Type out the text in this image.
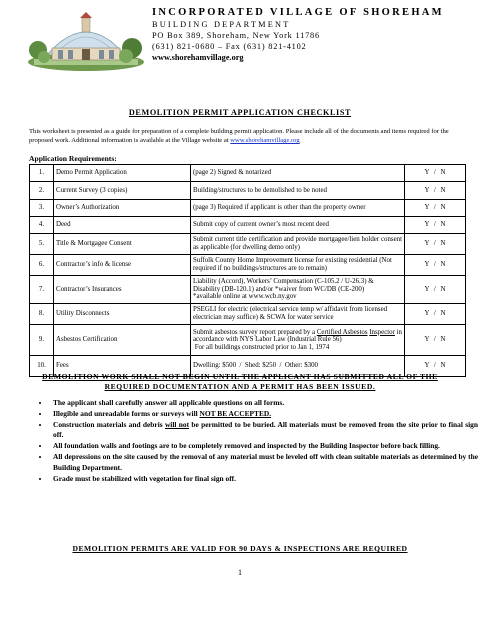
INCORPORATED VILLAGE OF SHOREHAM
BUILDING DEPARTMENT
PO Box 389, Shoreham, New York 11786
(631) 821-0680 – Fax (631) 821-4102
www.shorehamvillage.org
DEMOLITION PERMIT APPLICATION CHECKLIST
This worksheet is presented as a guide for preparation of a complete building permit application. Please include all of the documents and items required for the proposed work. Additional information is available at the Village website at www.shorehamvillage.org
Application Requirements:
1.	Demo Permit Application	(page 2) Signed & notarized	Y / N
2.	Current Survey (3 copies)	Building/structures to be demolished to be noted	Y / N
3.	Owner’s Authorization	(page 3) Required if applicant is other than the property owner	Y / N
4.	Deed	Submit copy of current owner’s most recent deed	Y / N
5.	Title & Mortgagee Consent	Submit current title certification and provide mortgagee/lien holder consent as applicable (for dwelling demo only)	Y / N
6.	Contractor’s info & license	Suffolk County Home Improvement license for existing residential (Not required if no buildings/structures are to remain)	Y / N
7.	Contractor’s Insurances	Liability (Accord), Workers’ Compensation (C-105.2 / U-26.3) &
Disability (DB-120.1) and/or *waiver from WC/DB (CE-200)
*available online at www.wcb.ny.gov	Y / N
8.	Utility Disconnects	PSEGLI for electric (electrical service temp w/ affidavit from licensed electrician may suffice) & SCWA for water service	Y / N
9.	Asbestos Certification	Submit asbestos survey report prepared by a Certified Asbestos Inspector in accordance with NYS Labor Law (Industrial Rule 56)
For all buildings constructed prior to Jan 1, 1974	Y / N
10.	Fees	Dwelling: $500  /  Shed: $250  /  Other: $300	Y / N
DEMOLITION WORK SHALL NOT BEGIN UNTIL THE APPLICANT HAS SUBMITTED ALL OF THE REQUIRED DOCUMENTATION AND A PERMIT HAS BEEN ISSUED.
• The applicant shall carefully answer all applicable questions on all forms.
• Illegible and unreadable forms or surveys will NOT BE ACCEPTED.
• Construction materials and debris will not be permitted to be buried. All materials must be removed from the site prior to final sign off.
• All foundation walls and footings are to be completely removed and inspected by the Building Inspector before back filling.
• All depressions on the site caused by the removal of any material must be leveled off with clean suitable materials as determined by the Building Department.
• Grade must be stabilized with vegetation for final sign off.
DEMOLITION PERMITS ARE VALID FOR 90 DAYS & INSPECTIONS ARE REQUIRED
1
